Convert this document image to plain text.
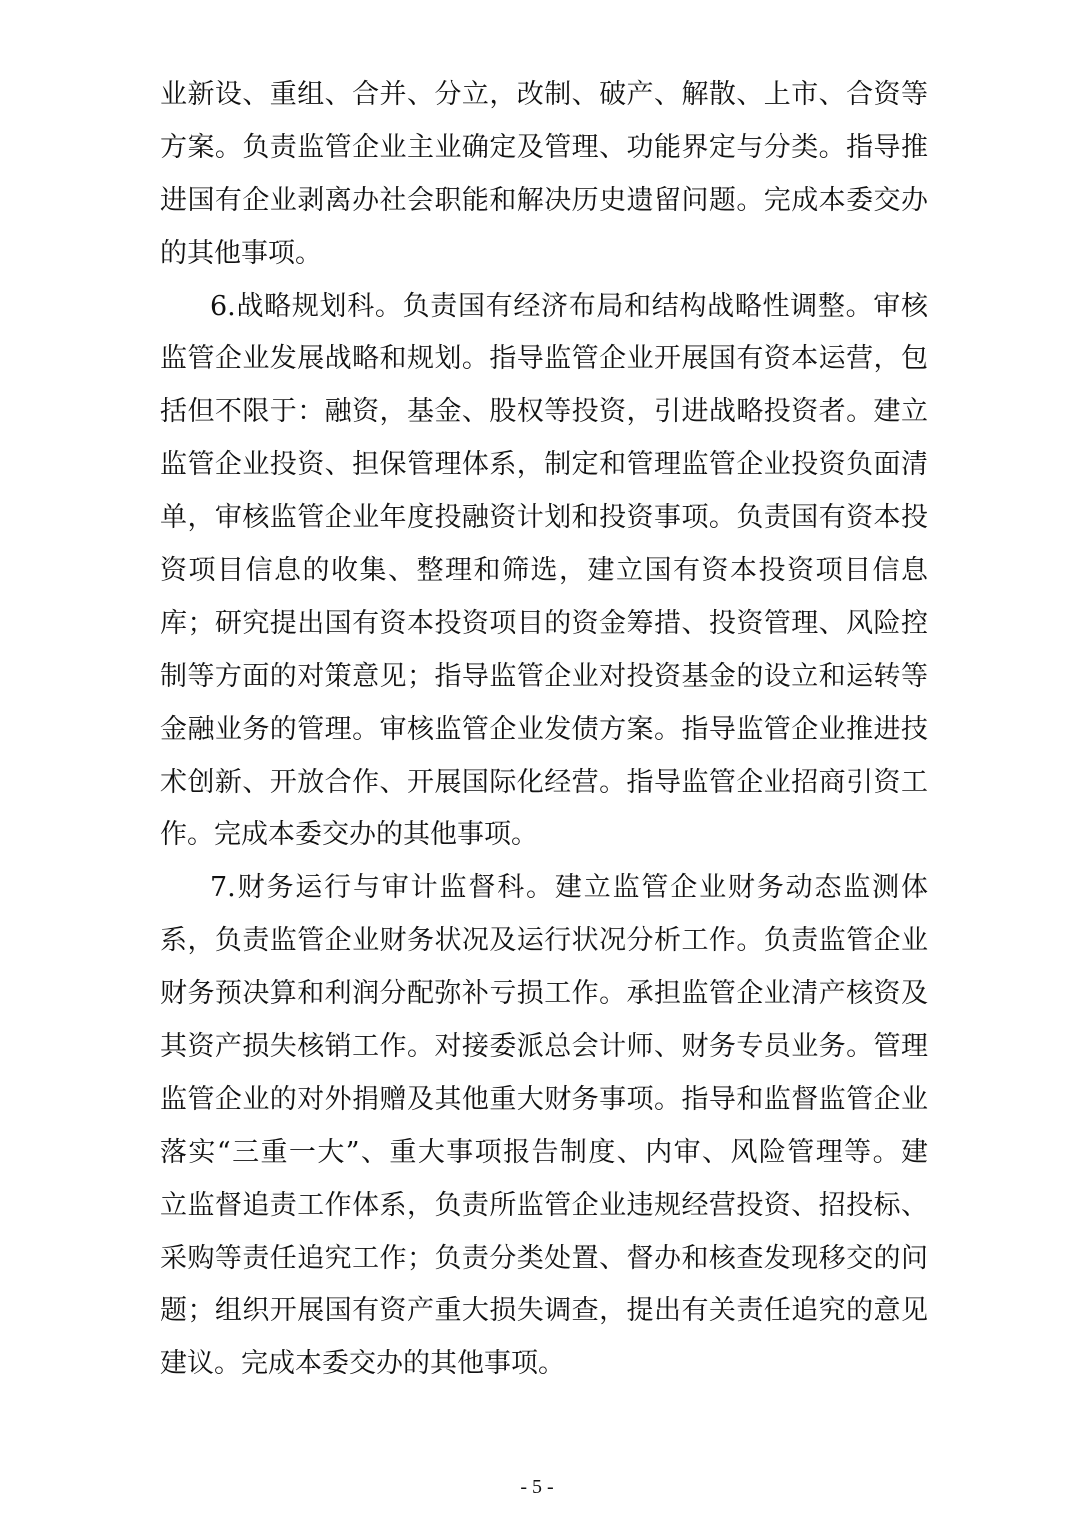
业新设、重组、合并、分立，改制、破产、解散、上市、合资等
方案。负责监管企业主业确定及管理、功能界定与分类。指导推
进国有企业剥离办社会职能和解决历史遗留问题。完成本委交办
的其他事项。
6.战略规划科。负责国有经济布局和结构战略性调整。审核
监管企业发展战略和规划。指导监管企业开展国有资本运营，包
括但不限于：融资，基金、股权等投资，引进战略投资者。建立
监管企业投资、担保管理体系，制定和管理监管企业投资负面清
单，审核监管企业年度投融资计划和投资事项。负责国有资本投
资项目信息的收集、整理和筛选，建立国有资本投资项目信息
库；研究提出国有资本投资项目的资金筹措、投资管理、风险控
制等方面的对策意见；指导监管企业对投资基金的设立和运转等
金融业务的管理。审核监管企业发债方案。指导监管企业推进技
术创新、开放合作、开展国际化经营。指导监管企业招商引资工
作。完成本委交办的其他事项。
7.财务运行与审计监督科。建立监管企业财务动态监测体
系，负责监管企业财务状况及运行状况分析工作。负责监管企业
财务预决算和利润分配弥补亏损工作。承担监管企业清产核资及
其资产损失核销工作。对接委派总会计师、财务专员业务。管理
监管企业的对外捐赠及其他重大财务事项。指导和监督监管企业
落实“三重一大”、重大事项报告制度、内审、风险管理等。建
立监督追责工作体系，负责所监管企业违规经营投资、招投标、
采购等责任追究工作；负责分类处置、督办和核查发现移交的问
题；组织开展国有资产重大损失调查，提出有关责任追究的意见
建议。完成本委交办的其他事项。
- 5 -
